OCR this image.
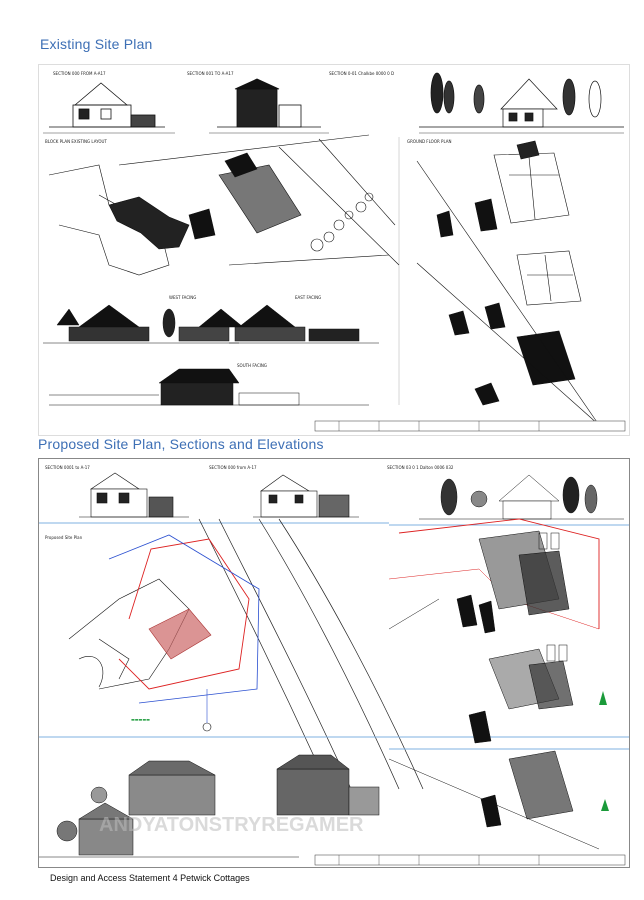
Existing Site Plan
SECTION 000 FROM A-A17	SECTION 001 TO A-A17	SECTION 0-01 Chalkbe 0000 0 D
BLOCK PLAN EXISTING LAYOUT	GROUND FLOOR PLAN
WEST FACING	EAST FACING
SOUTH FACING
Proposed Site Plan, Sections and Elevations
SECTION 0001 to A-17	SECTION 000 from A-17	SECTION 03 0 1 Dalton 0006 032
Proposed Site Plan
▬▬▬▬▬
ANDYATONSTRYREGAMER
Design and Access Statement 4 Petwick Cottages
